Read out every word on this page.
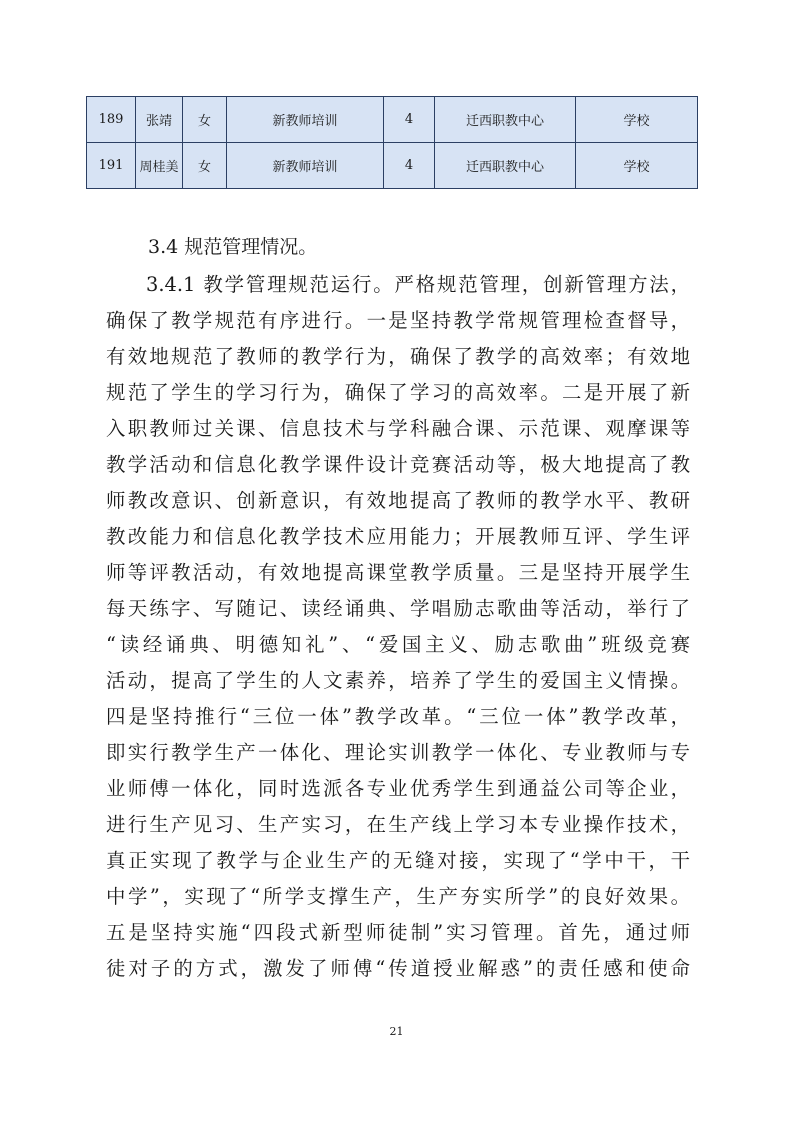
189	张靖	女	新教师培训	4	迁西职教中心	学校
191	周桂美	女	新教师培训	4	迁西职教中心	学校
3.4 规范管理情况。
3.4.1 教学管理规范运行。严格规范管理，创新管理方法，
确保了教学规范有序进行。一是坚持教学常规管理检查督导，
有效地规范了教师的教学行为，确保了教学的高效率；有效地
规范了学生的学习行为，确保了学习的高效率。二是开展了新
入职教师过关课、信息技术与学科融合课、示范课、观摩课等
教学活动和信息化教学课件设计竞赛活动等，极大地提高了教
师教改意识、创新意识，有效地提高了教师的教学水平、教研
教改能力和信息化教学技术应用能力；开展教师互评、学生评
师等评教活动，有效地提高课堂教学质量。三是坚持开展学生
每天练字、写随记、读经诵典、学唱励志歌曲等活动，举行了
“读经诵典、明德知礼”、“爱国主义、励志歌曲”班级竞赛
活动，提高了学生的人文素养，培养了学生的爱国主义情操。
四是坚持推行“三位一体”教学改革。“三位一体”教学改革，
即实行教学生产一体化、理论实训教学一体化、专业教师与专
业师傅一体化，同时选派各专业优秀学生到通益公司等企业，
进行生产见习、生产实习，在生产线上学习本专业操作技术，
真正实现了教学与企业生产的无缝对接，实现了“学中干，干
中学”，实现了“所学支撑生产，生产夯实所学”的良好效果。
五是坚持实施“四段式新型师徒制”实习管理。首先，通过师
徒对子的方式，激发了师傅“传道授业解惑”的责任感和使命

21
